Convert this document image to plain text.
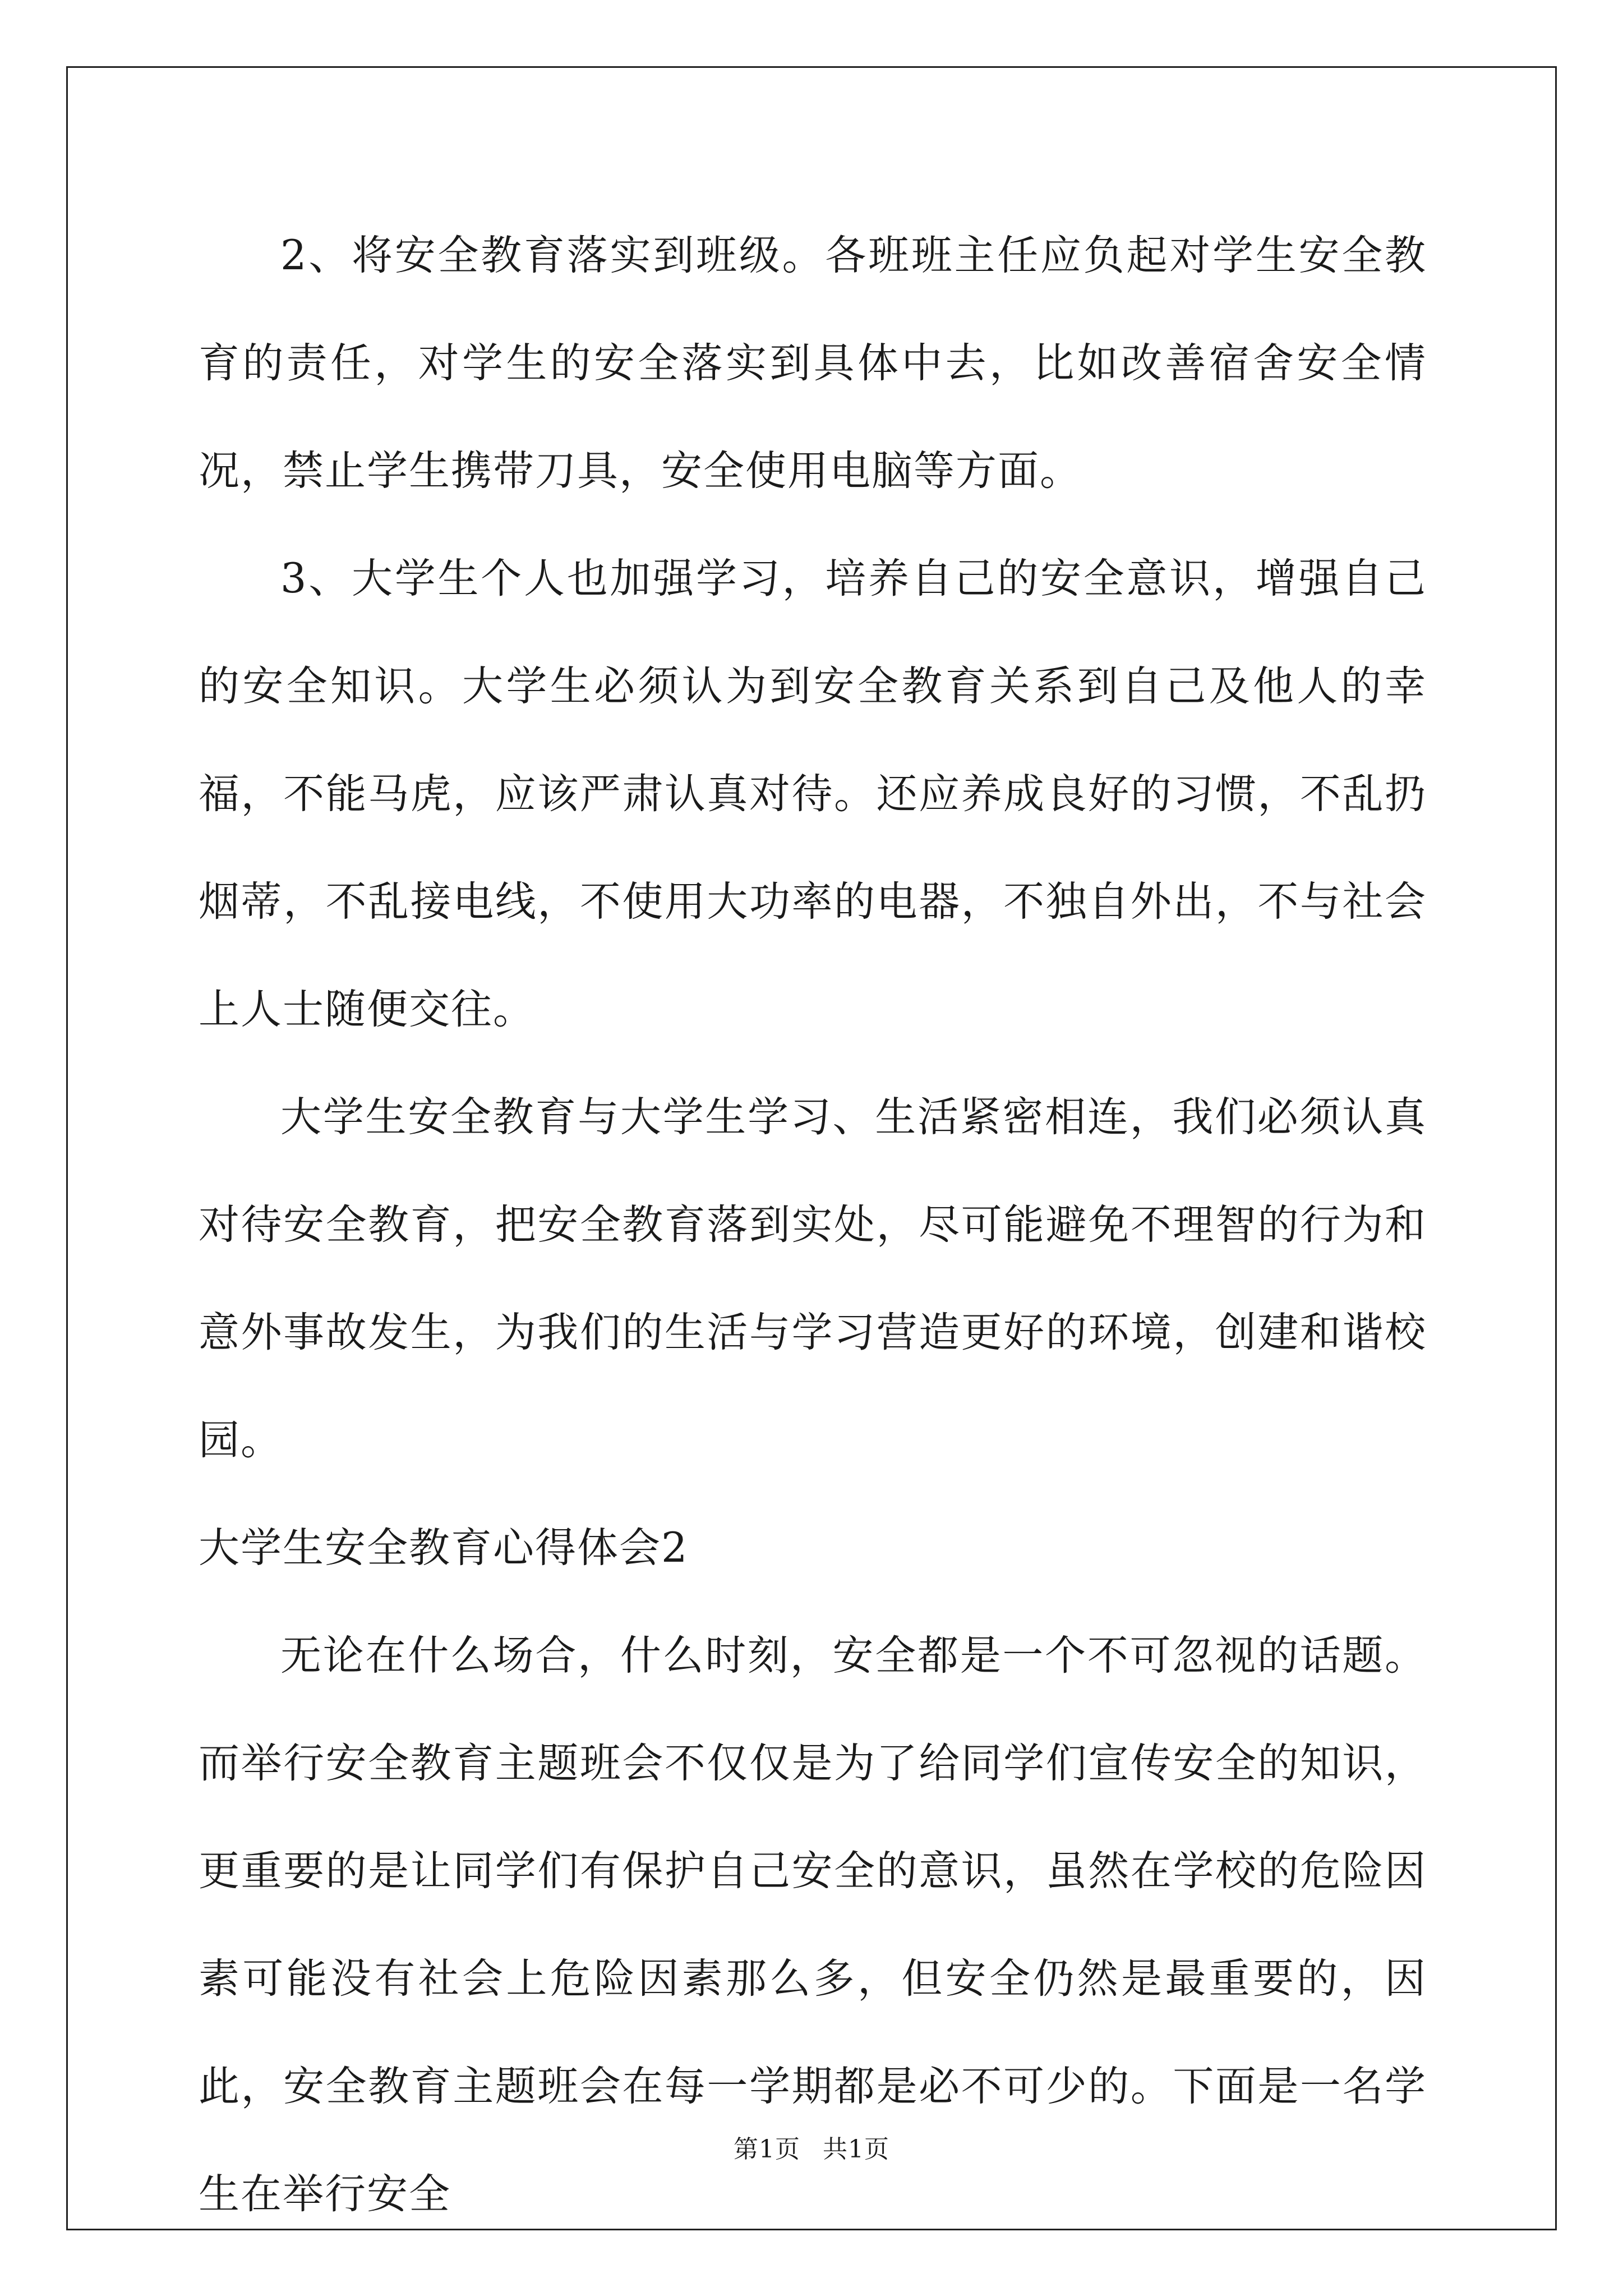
2、将安全教育落实到班级。各班班主任应负起对学生安全教育的责任，对学生的安全落实到具体中去，比如改善宿舍安全情况，禁止学生携带刀具，安全使用电脑等方面。

3、大学生个人也加强学习，培养自己的安全意识，增强自己的安全知识。大学生必须认为到安全教育关系到自己及他人的幸福，不能马虎，应该严肃认真对待。还应养成良好的习惯，不乱扔烟蒂，不乱接电线，不使用大功率的电器，不独自外出，不与社会上人士随便交往。

大学生安全教育与大学生学习、生活紧密相连，我们必须认真对待安全教育，把安全教育落到实处，尽可能避免不理智的行为和意外事故发生，为我们的生活与学习营造更好的环境，创建和谐校园。

大学生安全教育心得体会2

无论在什么场合，什么时刻，安全都是一个不可忽视的话题。而举行安全教育主题班会不仅仅是为了给同学们宣传安全的知识，更重要的是让同学们有保护自己安全的意识，虽然在学校的危险因素可能没有社会上危险因素那么多，但安全仍然是最重要的，因此，安全教育主题班会在每一学期都是必不可少的。下面是一名学生在举行安全

第1页 共1页
